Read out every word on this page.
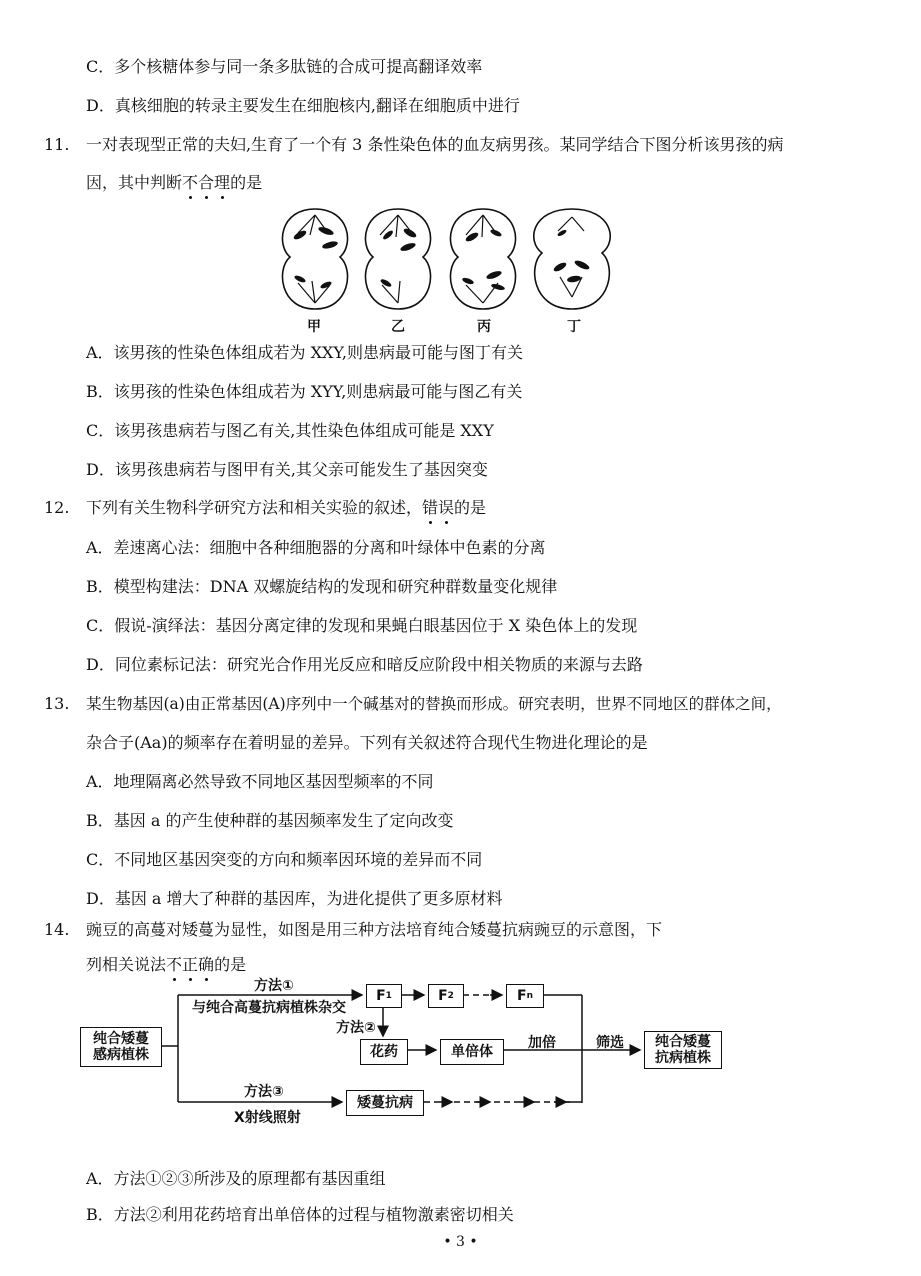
C．多个核糖体参与同一条多肽链的合成可提高翻译效率
D．真核细胞的转录主要发生在细胞核内,翻译在细胞质中进行
11. 一对表现型正常的夫妇,生育了一个有 3 条性染色体的血友病男孩。某同学结合下图分析该男孩的病
因，其中判断不合理的是
甲	乙	丙	丁
A．该男孩的性染色体组成若为 XXY,则患病最可能与图丁有关
B．该男孩的性染色体组成若为 XYY,则患病最可能与图乙有关
C．该男孩患病若与图乙有关,其性染色体组成可能是 XXY
D．该男孩患病若与图甲有关,其父亲可能发生了基因突变
12. 下列有关生物科学研究方法和相关实验的叙述，错误的是
A．差速离心法：细胞中各种细胞器的分离和叶绿体中色素的分离
B．模型构建法：DNA 双螺旋结构的发现和研究种群数量变化规律
C．假说-演绎法：基因分离定律的发现和果蝇白眼基因位于 X 染色体上的发现
D．同位素标记法：研究光合作用光反应和暗反应阶段中相关物质的来源与去路
13. 某生物基因(a)由正常基因(A)序列中一个碱基对的替换而形成。研究表明，世界不同地区的群体之间，
杂合子(Aa)的频率存在着明显的差异。下列有关叙述符合现代生物进化理论的是
A．地理隔离必然导致不同地区基因型频率的不同
B．基因 a 的产生使种群的基因频率发生了定向改变
C．不同地区基因突变的方向和频率因环境的差异而不同
D．基因 a 增大了种群的基因库，为进化提供了更多原材料
14. 豌豆的高蔓对矮蔓为显性，如图是用三种方法培育纯合矮蔓抗病豌豆的示意图，下
列相关说法不正确的是
纯合矮蔓
感病植株
方法①
与纯合高蔓抗病植株杂交
F 1	F 2	F n
方法②
花药	单倍体
加倍	筛选	纯合矮蔓
抗病植株
方法③
X射线照射
矮蔓抗病
A．方法①②③所涉及的原理都有基因重组
B．方法②利用花药培育出单倍体的过程与植物激素密切相关
• 3 •
